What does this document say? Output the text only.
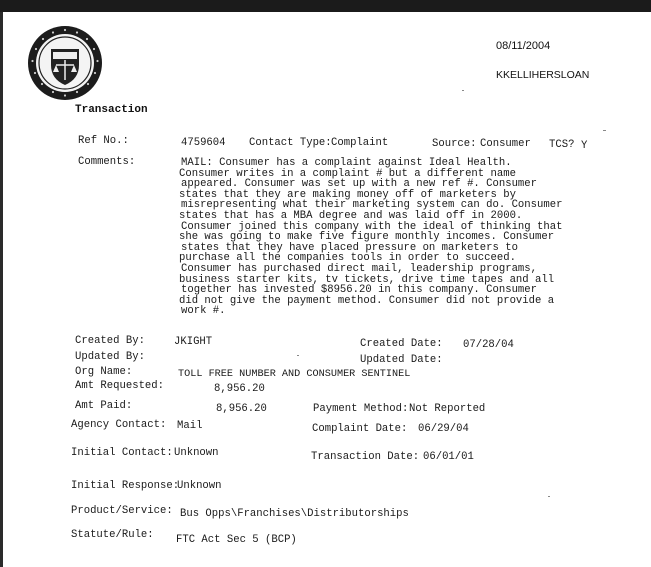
08/11/2004
KKELLIHERSLOAN
Transaction
Ref No.:	4759604 Contact Type: Complaint	Source: Consumer TCS? Y
Comments:	MAIL: Consumer has a complaint against Ideal Health.
Consumer writes in a complaint # but a different name
appeared. Consumer was set up with a new ref #. Consumer
states that they are making money off of marketers by
misrepresenting what their marketing system can do. Consumer
states that has a MBA degree and was laid off in 2000.
Consumer joined this company with the ideal of thinking that
she was going to make five figure monthly incomes. Consumer
states that they have placed pressure on marketers to
purchase all the companies tools in order to succeed.
Consumer has purchased direct mail, leadership programs,
business starter kits, tv tickets, drive time tapes and all
together has invested $8956.20 in this company. Consumer
did not give the payment method. Consumer did not provide a
work #.
Created By:	JKIGHT	Created Date: 07/28/04
Updated By:	Updated Date:
Org Name:	TOLL FREE NUMBER AND CONSUMER SENTINEL
Amt Requested:	8,956.20
Amt Paid:	8,956.20	Payment Method: Not Reported
Agency Contact: Mail	Complaint Date: 06/29/04
Initial Contact: Unknown	Transaction Date: 06/01/01
Initial Response:
Unknown
Product/Service: Bus Opps\Franchises\Distributorships
Statute/Rule: FTC Act Sec 5 (BCP)
